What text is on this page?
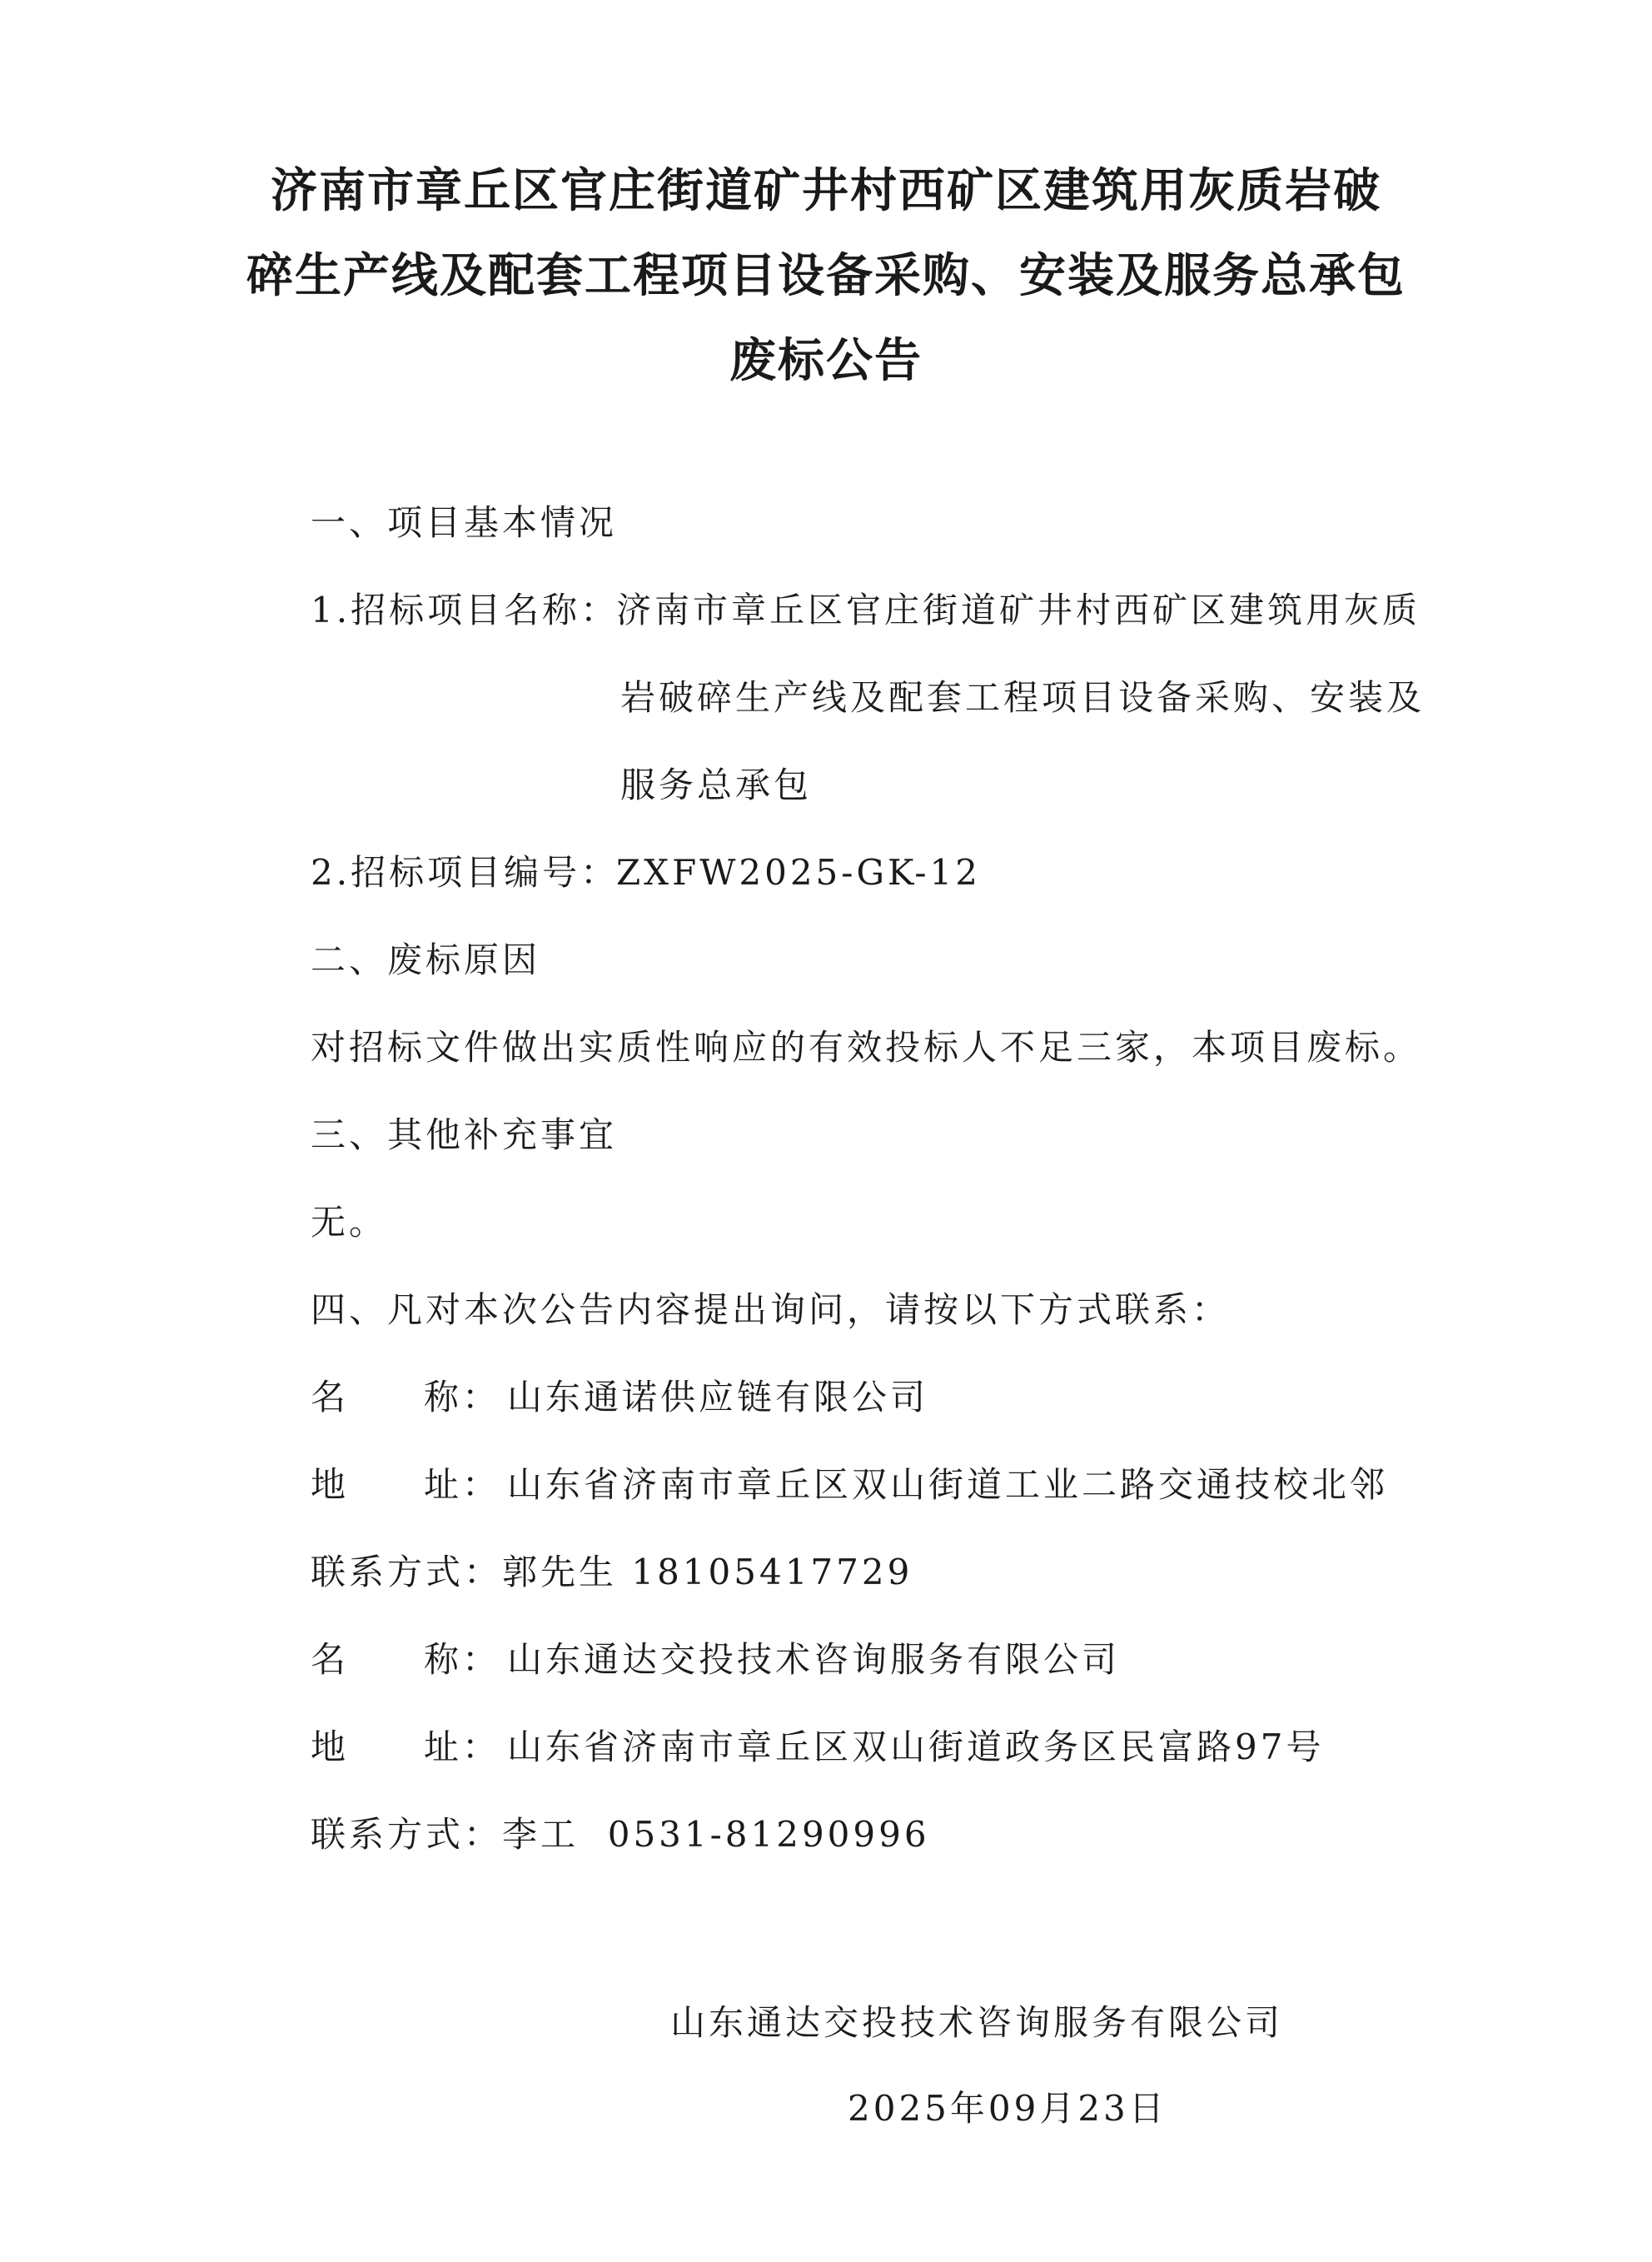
济南市章丘区官庄街道矿井村西矿区建筑用灰质岩破
碎生产线及配套工程项目设备采购、安装及服务总承包
废标公告
一、项目基本情况
1.招标项目名称：
济南市章丘区官庄街道矿井村西矿区建筑用灰质
岩破碎生产线及配套工程项目设备采购、安装及
服务总承包
2.招标项目编号：
ZXFW2025-GK-12
二、废标原因
对招标文件做出实质性响应的有效投标人不足三家，本项目废标。
三、其他补充事宜
无。
四、凡对本次公告内容提出询问，请按以下方式联系：
名 称： 山东通诺供应链有限公司
地 址： 山东省济南市章丘区双山街道工业二路交通技校北邻
联系方式：郭先生 18105417729
名 称： 山东通达交投技术咨询服务有限公司
地 址： 山东省济南市章丘区双山街道政务区民富路97号
联系方式：李工  0531-81290996
山东通达交投技术咨询服务有限公司
2025年09月23日
